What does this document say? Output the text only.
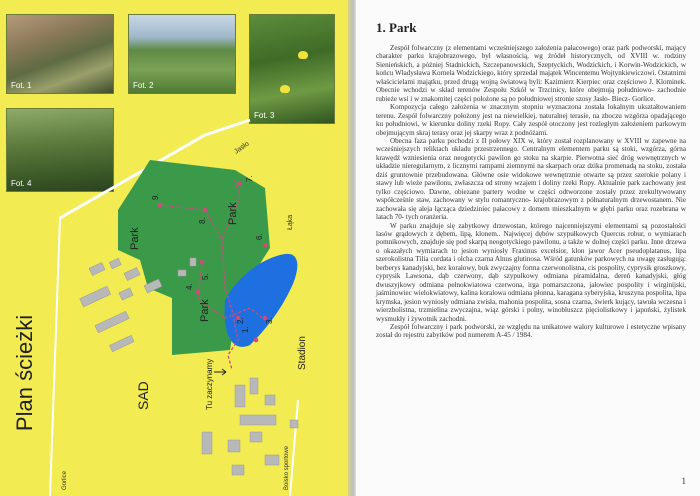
Fot. 1	Fot. 2
Fot. 3
Fot. 4
1.
2.	3.
4.
5.
6.
7.
8.
9.
Park
Park
Park
Jasło
Łąka
Stadion
SAD	Tu zaczynamy
Boisko sportowe
Gorlice
Plan ścieżki
1. Park

Zespół folwarczny (z elementami wcześniejszego założenia pałacowego) oraz park podworski, mający charakter parku krajobrazowego, był własnością, wg źródeł historycznych, od XVIII w. rodziny Sienieńskich, a później Stadnickich, Szczepanowskich, Szeptyckich, Wodzickich, i Korwin-Wodzickich, w końcu Władysława Kornela Wodzickiego, który sprzedał majątek Wincentemu Wojtynkiewiczowi. Ostatnimi właścicielami majątku, przed drugą wojną światową byli: Kazimierz Kierpiec oraz częściowo J. Klominek. Obecnie wchodzi w skład terenów Zespołu Szkół w Trzcinicy, które obejmują południowo- zachodnie rubieże wsi i w znakomitej części położone są po południowej stronie szosy Jasło- Biecz- Gorlice.

Kompozycja całego założenia w znacznym stopniu wyznaczona została lokalnym ukształtowaniem terenu. Zespół folwarczny położony jest na niewielkiej, naturalnej terasie, na zboczu wzgórza opadającego ku południowi, w kierunku doliny rzeki Ropy. Cały zespół otoczony jest rozległym założeniem parkowym obejmującym skraj terasy oraz jej skarpy wraz z podnóżami.

Obecna faza parku pochodzi z II połowy XIX w, który został rozplanowany w XVIII w zapewne na wcześniejszych reliktach układu przestrzennego. Centralnym elementem parku są stoki, wzgórza, górna krawędź wzniesienia oraz neogotycki pawilon go stoku na skarpie. Pierwotna sieć dróg wewnętrznych w układzie nieregularnym, z licznymi rampami ziemnymi na skarpach oraz dzika promenadą na stoku, została dziś gruntownie przebudowana. Główne osie widokowe wewnętrznie otwarte są przez szerokie polany i stawy lub wieże pawilonu, zwłaszcza od strony wzajem i doliny rzeki Ropy. Aktualnie park zachowany jest tylko częściowo. Dawne, obiezane partery wodne w części odtworzone zostały przez zrekultywowany współcześnie staw, zachowany w stylu romantyczno- krajobrazowym z półnaturalnym drzewostanem. Nie zachowała się aleja łącząca dziedziniec pałacowy z domem mieszkalnym w głębi parku oraz rozebrana w latach 70- tych oranżeria.

W parku znajduje się zabytkowy drzewostan, którego najcenniejszymi elementami są pozostałości lasów grądowych z dębem, lipą, klonem.. Najwięcej dębów szypułkowych Quercus robur, o wymiarach pomnikowych, znajduje się pod skarpą neogotyckiego pawilonu, a także w dolnej części parku. Inne drzewa o okazałych wymiarach to jesion wyniosły Fraxinus excelsior, klon jawor Acer pseudoplatanus, lipa szerokolistna Tilia cordata i olcha czarna Alnus glutinosa. Wśród gatunków parkowych na uwagę zasługują: berberys kanadyjski, bez koralowy, buk zwyczajny forma czerwonolistna, cis pospolity, cyprysik groszkowy, cyprysik Lawsona, dąb czerwony, dąb szypułkowy odmiana piramidalna, dereń kanadyjski, głóg dwuszyjkowy odmiana pełnokwiatowa czerwona, irga pomarszczona, jałowiec pospolity i wirginijski, jaśminowiec wielokwiatowy, kalina koralowa odmiana płonna, karagana syberyjska, kruszyna pospolita, lipa krymska, jesion wyniosły odmiana zwisła, mahonia pospolita, sosna czarna, świerk kujący, tawuła wczesna i wierzbolistna, trzmielina zwyczajna, wiąz górski i polny, winobluszcz pięciolistkowy i japoński, żylistek wysmukły i żywotnik zachodni.

Zespół folwarczny i park podworski, ze względu na unikatowe walory kulturowe i estetyczne wpisany został do rejestru zabytków pod numerem A-45 / 1984.

1
